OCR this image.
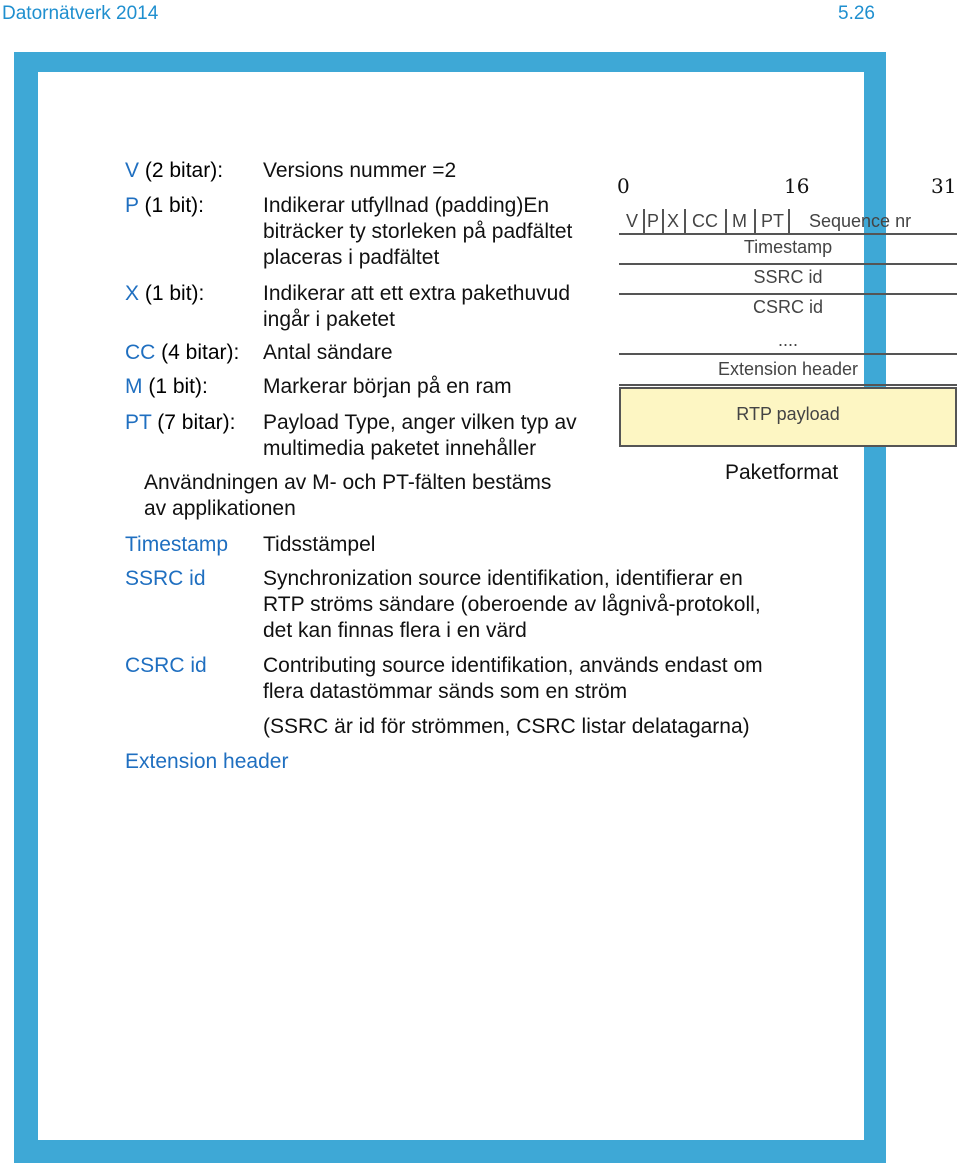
Datornätverk 2014	5.26
V (2 bitar): Versions nummer =2
P (1 bit):	Indikerar utfyllnad (padding)En
biträcker ty storleken på padfältet
placeras i padfältet
X (1 bit):	Indikerar att ett extra pakethuvud
ingår i paketet
CC (4 bitar): Antal sändare
M (1 bit):	Markerar början på en ram
PT (7 bitar): Payload Type, anger vilken typ av
multimedia paketet innehåller
Användningen av M- och PT-fälten bestäms
av applikationen
Timestamp Tidsstämpel
SSRC id	Synchronization source identifikation, identifierar en
RTP ströms sändare (oberoende av lågnivå-protokoll,
det kan finnas flera i en värd
CSRC id	Contributing source identifikation, används endast om
flera datastömmar sänds som en ström
(SSRC är id för strömmen, CSRC listar delatagarna)
Extension header
0	16	31
V P X CC M PT Sequence nr
Timestamp
SSRC id
CSRC id
....
Extension header
RTP payload
Paketformat
